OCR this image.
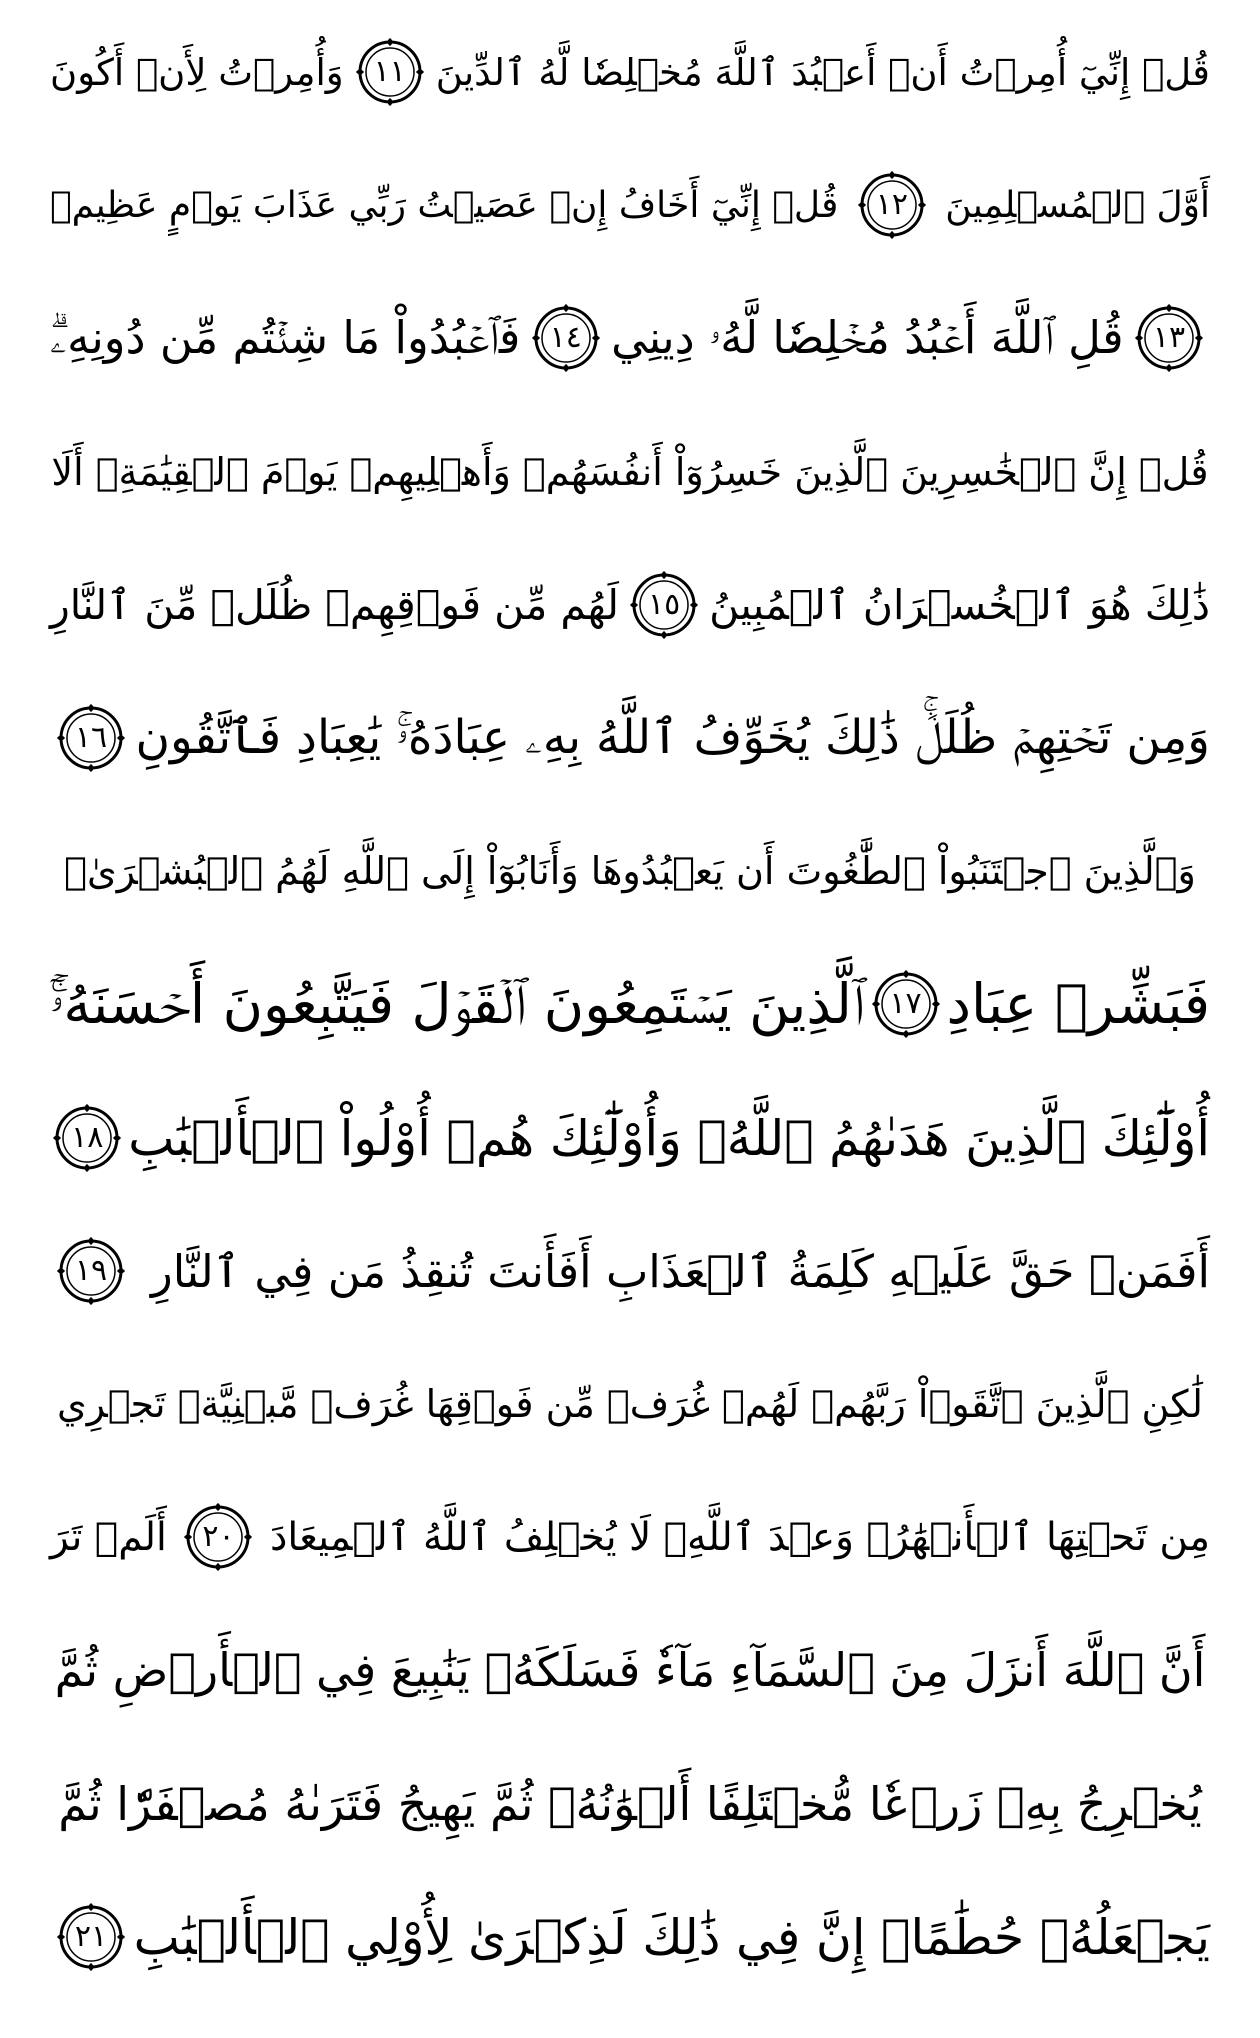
قُلۡ إِنِّيٓ أُمِرۡتُ أَنۡ أَعۡبُدَ ٱللَّهَ مُخۡلِصٗا لَّهُ ٱلدِّينَ
١١
وَأُمِرۡتُ لِأَنۡ أَكُونَ
أَوَّلَ ٱلۡمُسۡلِمِينَ
١٢
قُلۡ إِنِّيٓ أَخَافُ إِنۡ عَصَيۡتُ رَبِّي عَذَابَ يَوۡمٍ عَظِيمٖ
١٣
قُلِ ٱللَّهَ أَعۡبُدُ مُخۡلِصٗا لَّهُۥ دِينِي
١٤
فَٱعۡبُدُواْ مَا شِئۡتُم مِّن دُونِهِۦۗ
قُلۡ إِنَّ ٱلۡخَٰسِرِينَ ٱلَّذِينَ خَسِرُوٓاْ أَنفُسَهُمۡ وَأَهۡلِيهِمۡ يَوۡمَ ٱلۡقِيَٰمَةِۗ أَلَا
ذَٰلِكَ هُوَ ٱلۡخُسۡرَانُ ٱلۡمُبِينُ
١٥
لَهُم مِّن فَوۡقِهِمۡ ظُلَلٞ مِّنَ ٱلنَّارِ
وَمِن تَحۡتِهِمۡ ظُلَلٞۚ ذَٰلِكَ يُخَوِّفُ ٱللَّهُ بِهِۦ عِبَادَهُۥۚ يَٰعِبَادِ فَٱتَّقُونِ
١٦
وَٱلَّذِينَ ٱجۡتَنَبُواْ ٱلطَّٰغُوتَ أَن يَعۡبُدُوهَا وَأَنَابُوٓاْ إِلَى ٱللَّهِ لَهُمُ ٱلۡبُشۡرَىٰۚ
فَبَشِّرۡ عِبَادِ
١٧
ٱلَّذِينَ يَسۡتَمِعُونَ ٱلۡقَوۡلَ فَيَتَّبِعُونَ أَحۡسَنَهُۥٓۚ
أُوْلَٰٓئِكَ ٱلَّذِينَ هَدَىٰهُمُ ٱللَّهُۖ وَأُوْلَٰٓئِكَ هُمۡ أُوْلُواْ ٱلۡأَلۡبَٰبِ
١٨
أَفَمَنۡ حَقَّ عَلَيۡهِ كَلِمَةُ ٱلۡعَذَابِ أَفَأَنتَ تُنقِذُ مَن فِي ٱلنَّارِ
١٩
لَٰكِنِ ٱلَّذِينَ ٱتَّقَوۡاْ رَبَّهُمۡ لَهُمۡ غُرَفٞ مِّن فَوۡقِهَا غُرَفٞ مَّبۡنِيَّةٞ تَجۡرِي
مِن تَحۡتِهَا ٱلۡأَنۡهَٰرُۖ وَعۡدَ ٱللَّهِۖ لَا يُخۡلِفُ ٱللَّهُ ٱلۡمِيعَادَ
٢٠
أَلَمۡ تَرَ
أَنَّ ٱللَّهَ أَنزَلَ مِنَ ٱلسَّمَآءِ مَآءٗ فَسَلَكَهُۥ يَنَٰبِيعَ فِي ٱلۡأَرۡضِ ثُمَّ
يُخۡرِجُ بِهِۦ زَرۡعٗا مُّخۡتَلِفًا أَلۡوَٰنُهُۥ ثُمَّ يَهِيجُ فَتَرَىٰهُ مُصۡفَرّٗا ثُمَّ
يَجۡعَلُهُۥ حُطَٰمًاۚ إِنَّ فِي ذَٰلِكَ لَذِكۡرَىٰ لِأُوْلِي ٱلۡأَلۡبَٰبِ
٢١
